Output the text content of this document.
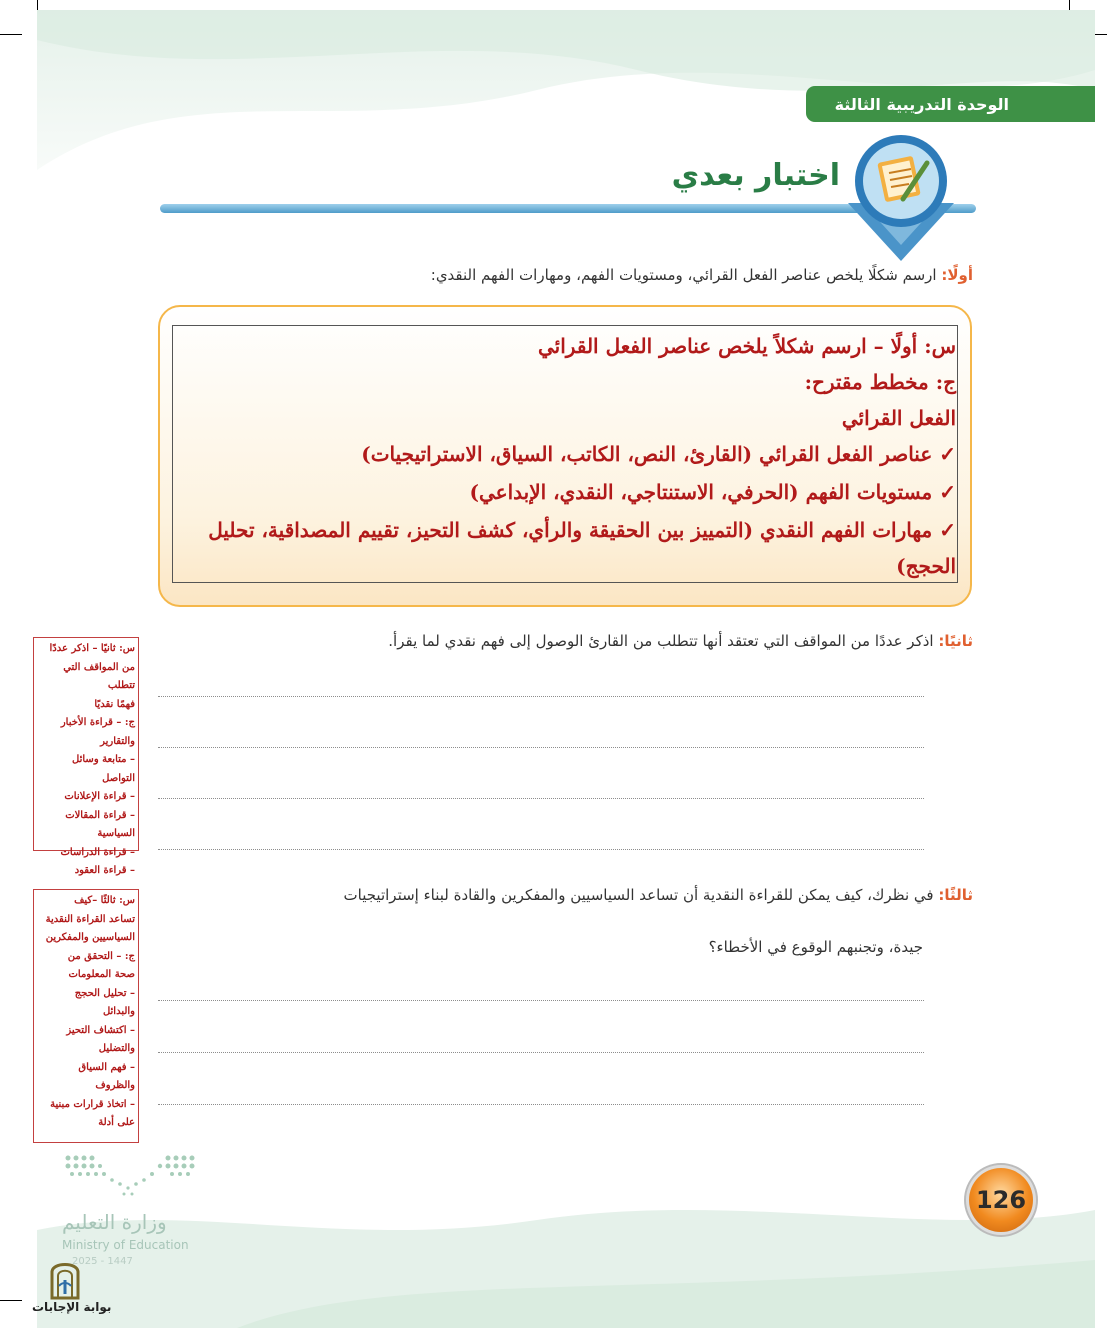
الوحدة التدريبية الثالثة
اختبار بعدي
أولًا: ارسم شكلًا يلخص عناصر الفعل القرائي، ومستويات الفهم، ومهارات الفهم النقدي:
س: أولًا – ارسم شكلاً يلخص عناصر الفعل القرائي
ج: مخطط مقترح:
الفعل القرائي
✓ عناصر الفعل القرائي (القارئ، النص، الكاتب، السياق، الاستراتيجيات)
✓ مستويات الفهم (الحرفي، الاستنتاجي، النقدي، الإبداعي)
✓ مهارات الفهم النقدي (التمييز بين الحقيقة والرأي، كشف التحيز، تقييم المصداقية، تحليل
الحجج)
ثانيًا: اذكر عددًا من المواقف التي تعتقد أنها تتطلب من القارئ الوصول إلى فهم نقدي لما يقرأ.
س: ثانيًا – اذكر عددًا
من المواقف التي تتطلب
فهمًا نقديًا
ج: – قراءة الأخبار
والتقارير
– متابعة وسائل التواصل
– قراءة الإعلانات
– قراءة المقالات
السياسية
– قراءة الدراسات
– قراءة العقود
ثالثًا: في نظرك، كيف يمكن للقراءة النقدية أن تساعد السياسيين والمفكرين والقادة لبناء إستراتيجيات
جيدة، وتجنبهم الوقوع في الأخطاء؟
س: ثالثًا –كيف
تساعد القراءة النقدية
السياسيين والمفكرين
ج: – التحقق من
صحة المعلومات
– تحليل الحجج
والبدائل
– اكتشاف التحيز
والتضليل
– فهم السياق
والظروف
– اتخاذ قرارات مبنية
على أدلة
وزارة التعليم
Ministry of Education
2025 - 1447
بوابة الإجابات
126
